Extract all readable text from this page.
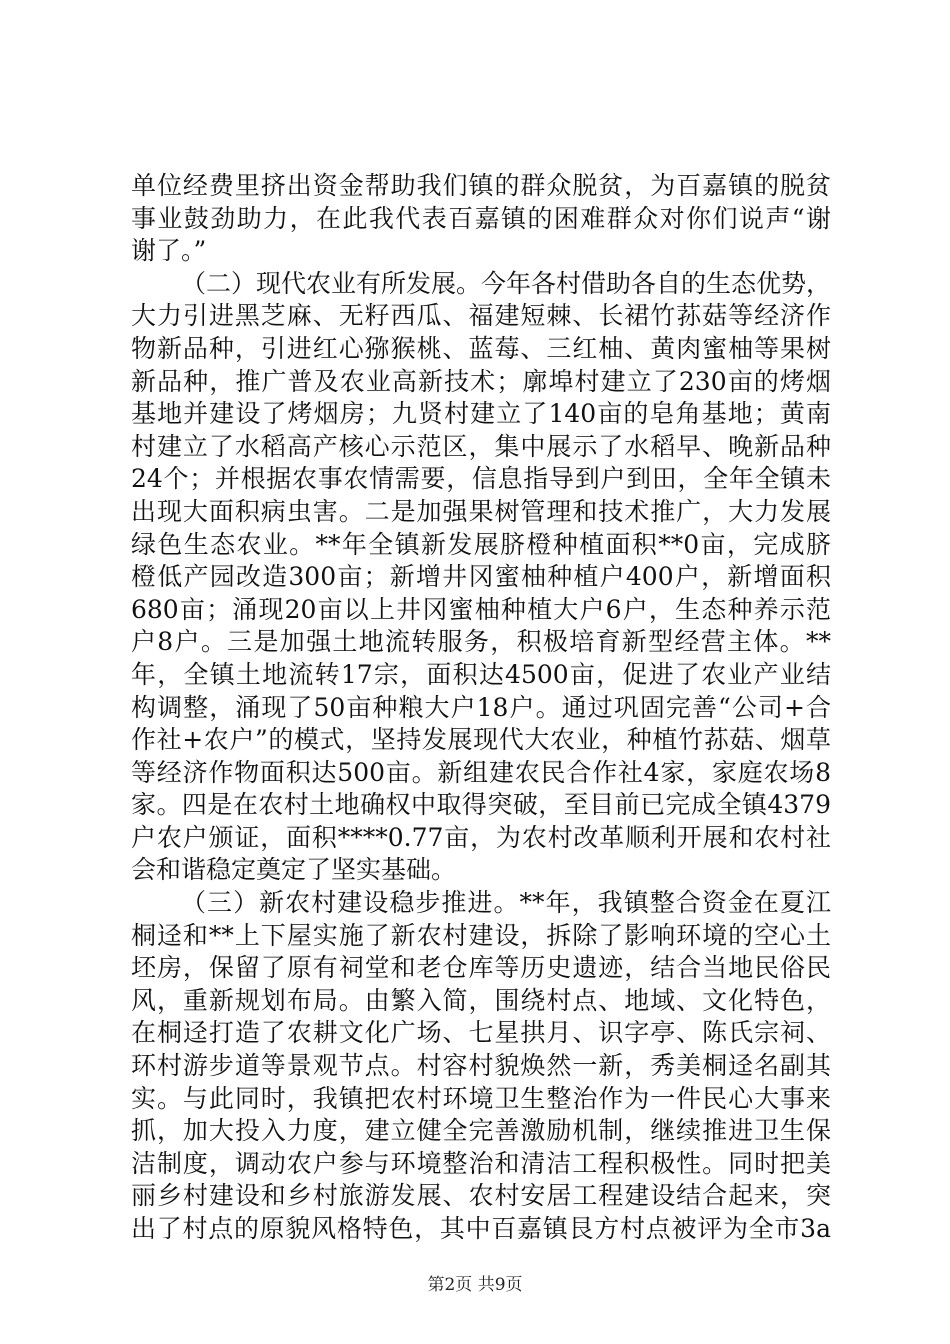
单位经费里挤出资金帮助我们镇的群众脱贫，为百嘉镇的脱贫
事业鼓劲助力，在此我代表百嘉镇的困难群众对你们说声“谢
谢了。”
（二）现代农业有所发展。今年各村借助各自的生态优势，
大力引进黑芝麻、无籽西瓜、福建短棘、长裙竹荪菇等经济作
物新品种，引进红心猕猴桃、蓝莓、三红柚、黄肉蜜柚等果树
新品种，推广普及农业高新技术；廓埠村建立了230亩的烤烟
基地并建设了烤烟房；九贤村建立了140亩的皂角基地；黄南
村建立了水稻高产核心示范区，集中展示了水稻早、晚新品种
24个；并根据农事农情需要，信息指导到户到田，全年全镇未
出现大面积病虫害。二是加强果树管理和技术推广，大力发展
绿色生态农业。**年全镇新发展脐橙种植面积**0亩，完成脐
橙低产园改造300亩；新增井冈蜜柚种植户400户，新增面积
680亩；涌现20亩以上井冈蜜柚种植大户6户，生态种养示范
户8户。三是加强土地流转服务，积极培育新型经营主体。**
年，全镇土地流转17宗，面积达4500亩，促进了农业产业结
构调整，涌现了50亩种粮大户18户。通过巩固完善“公司+合
作社+农户”的模式，坚持发展现代大农业，种植竹荪菇、烟草
等经济作物面积达500亩。新组建农民合作社4家，家庭农场8
家。四是在农村土地确权中取得突破，至目前已完成全镇4379
户农户颁证，面积****0.77亩，为农村改革顺利开展和农村社
会和谐稳定奠定了坚实基础。
（三）新农村建设稳步推进。**年，我镇整合资金在夏江
桐迳和**上下屋实施了新农村建设，拆除了影响环境的空心土
坯房，保留了原有祠堂和老仓库等历史遗迹，结合当地民俗民
风，重新规划布局。由繁入简，围绕村点、地域、文化特色，
在桐迳打造了农耕文化广场、七星拱月、识字亭、陈氏宗祠、
环村游步道等景观节点。村容村貌焕然一新，秀美桐迳名副其
实。与此同时，我镇把农村环境卫生整治作为一件民心大事来
抓，加大投入力度，建立健全完善激励机制，继续推进卫生保
洁制度，调动农户参与环境整治和清洁工程积极性。同时把美
丽乡村建设和乡村旅游发展、农村安居工程建设结合起来，突
出了村点的原貌风格特色，其中百嘉镇艮方村点被评为全市3a
第2页 共9页
